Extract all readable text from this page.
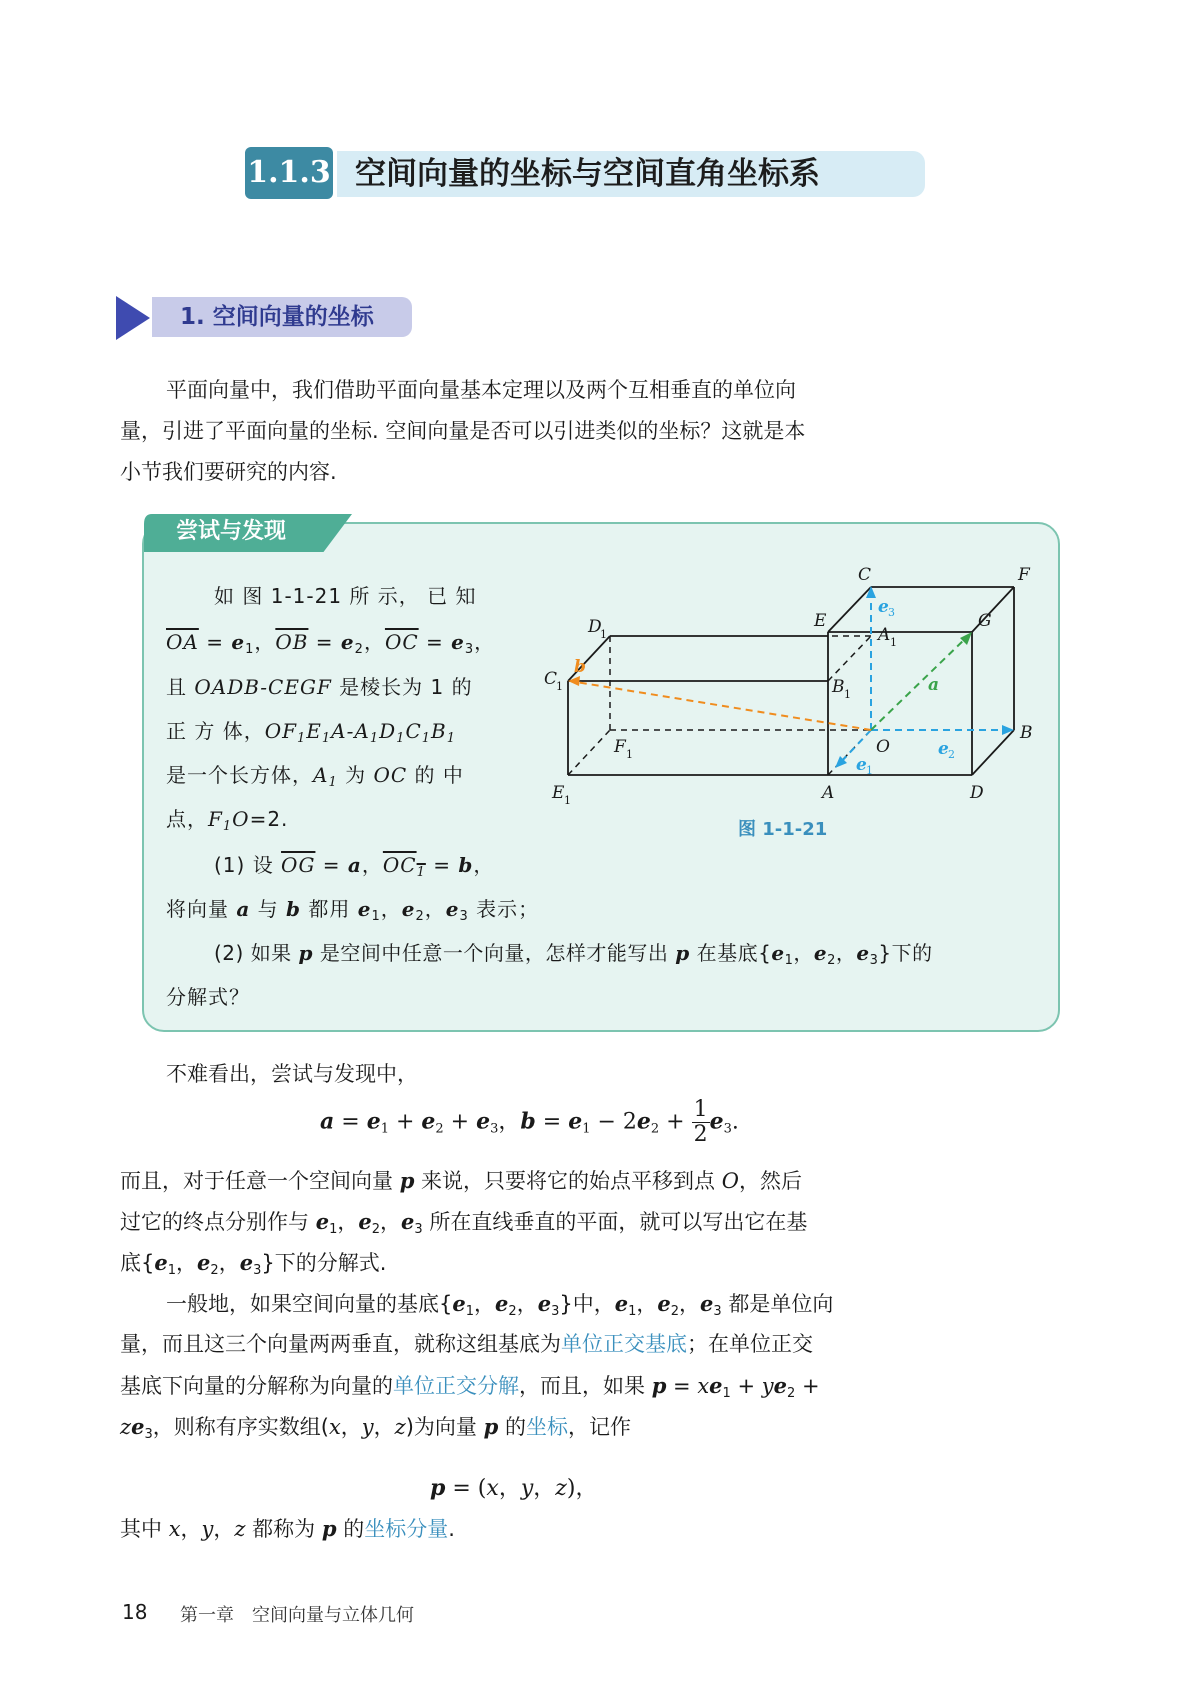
1.1.3 空间向量的坐标与空间直角坐标系
1. 空间向量的坐标
平面向量中，我们借助平面向量基本定理以及两个互相垂直的单位向
量，引进了平面向量的坐标. 空间向量是否可以引进类似的坐标？这就是本
小节我们要研究的内容.
尝试与发现
如 图 1-1-21 所 示， 已 知
$\overline{OA} = e_1$，$\overline{OB} = e_2$，$\overline{OC} = e_3$，
且 OADB-CEGF 是棱长为 1 的
正 方 体，$OF_1E_1A-A_1D_1C_1B_1$
是一个长方体，$A_1$ 为 OC 的 中
点，$F_1O=2$.
(1) 设 $\overline{OG} = a$，$OC_1 = b$，
将向量 a 与 b 都用 $e_1$，$e_2$，$e_3$ 表示；
(2) 如果 p 是空间中任意一个向量，怎样才能写出 p 在基底{$e_1$，$e_2$，$e_3$}下的
分解式？
C	F
E	G
D
1	A 1
C
1	B 1
F 1	O
B
E 1	A	D
e 3
e 2
e 1
a
b
图 1-1-21
不难看出，尝试与发现中，
$a = e_1 + e_2 + e_3$，$b = e_1 - 2e_2 + \frac{1}{2} e_3$.
而且，对于任意一个空间向量 p 来说，只要将它的始点平移到点 O，然后
过它的终点分别作与 $e_1$，$e_2$，$e_3$ 所在直线垂直的平面，就可以写出它在基
底{$e_1$，$e_2$，$e_3$}下的分解式.
一般地，如果空间向量的基底{$e_1$，$e_2$，$e_3$}中，$e_1$，$e_2$，$e_3$ 都是单位向
量，而且这三个向量两两垂直，就称这组基底为单位正交基底；在单位正交
基底下向量的分解称为向量的单位正交分解，而且，如果 $p = xe_1 + ye_2$ +
$ze_3$，则称有序实数组(x，y，z)为向量 p 的坐标，记作
p = (x，y，z)，
其中 x，y，z 都称为 p 的坐标分量.
18 第一章　空间向量与立体几何
